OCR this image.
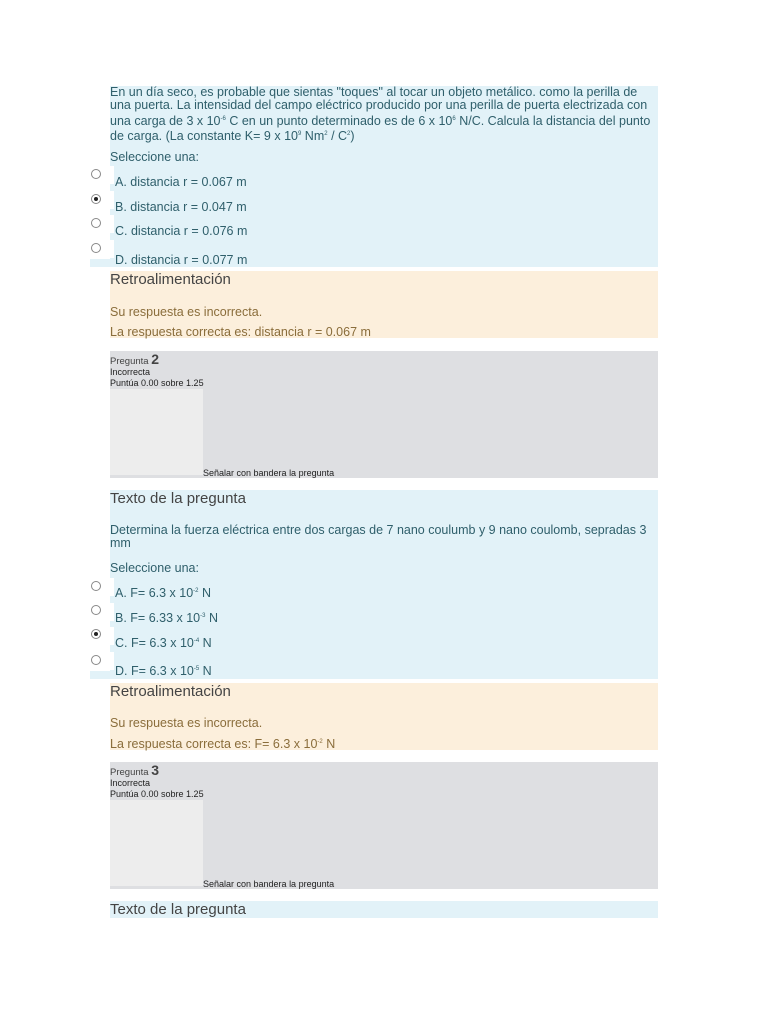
En un día seco, es probable que sientas "toques" al tocar un objeto metálico. como la perilla de una puerta. La intensidad del campo eléctrico producido por una perilla de puerta electrizada con una carga de 3 x $10^{-6}$ C en un punto determinado es de 6 x $10^6$ N/C. Calcula la distancia del punto de carga. (La constante K= 9 x $10^9$ $Nm^2 / C^2$)
Seleccione una:
A. distancia r = 0.067 m
B. distancia r = 0.047 m
C. distancia r = 0.076 m
D. distancia r = 0.077 m
Retroalimentación
Su respuesta es incorrecta.
La respuesta correcta es: distancia r = 0.067 m
Pregunta 2
Incorrecta
Puntúa 0.00 sobre 1.25
Señalar con bandera la pregunta
Texto de la pregunta
Determina la fuerza eléctrica entre dos cargas de 7 nano coulumb y 9 nano coulomb, sepradas 3 mm
Seleccione una:
A. F= 6.3 x $10^{-2}$ N
B. F= 6.33 x $10^{-3}$ N
C. F= 6.3 x $10^{-4}$ N
D. F= 6.3 x $10^{-5}$ N
Retroalimentación
Su respuesta es incorrecta.
La respuesta correcta es: F= 6.3 x $10^{-2}$ N
Pregunta 3
Incorrecta
Puntúa 0.00 sobre 1.25
Señalar con bandera la pregunta
Texto de la pregunta
